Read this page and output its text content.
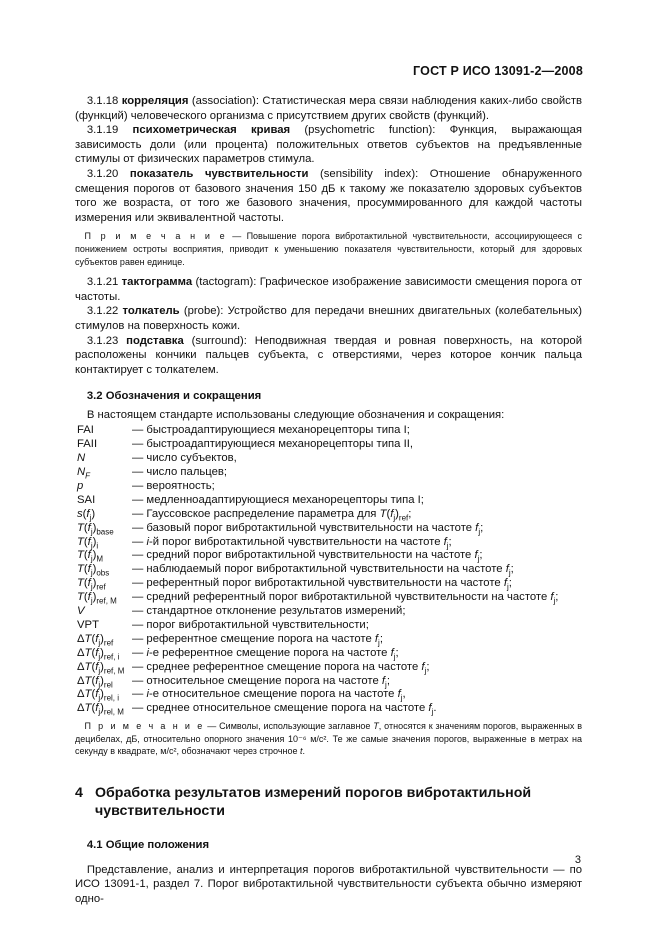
ГОСТ Р ИСО 13091-2—2008
3.1.18 корреляция (association): Статистическая мера связи наблюдения каких-либо свойств (функций) человеческого организма с присутствием других свойств (функций).
3.1.19 психометрическая кривая (psychometric function): Функция, выражающая зависимость доли (или процента) положительных ответов субъектов на предъявленные стимулы от физических параметров стимула.
3.1.20 показатель чувствительности (sensibility index): Отношение обнаруженного смещения порогов от базового значения 150 дБ к такому же показателю здоровых субъектов того же возраста, от того же базового значения, просуммированного для каждой частоты измерения или эквивалентной частоты.
П р и м е ч а н и е — Повышение порога вибротактильной чувствительности, ассоциирующееся с понижением остроты восприятия, приводит к уменьшению показателя чувствительности, который для здоровых субъектов равен единице.
3.1.21 тактограмма (tactogram): Графическое изображение зависимости смещения порога от частоты.
3.1.22 толкатель (probe): Устройство для передачи внешних двигательных (колебательных) стимулов на поверхность кожи.
3.1.23 подставка (surround): Неподвижная твердая и ровная поверхность, на которой расположены кончики пальцев субъекта, с отверстиями, через которое кончик пальца контактирует с толкателем.
3.2 Обозначения и сокращения
В настоящем стандарте использованы следующие обозначения и сокращения:
FAI	— быстроадаптирующиеся механорецепторы типа I;
FAII	— быстроадаптирующиеся механорецепторы типа II,
N	— число субъектов,
$N_F$	— число пальцев;
p	— вероятность;
SAI	— медленноадаптирующиеся механорецепторы типа I;
$s(f_j)$	— Гауссовское распределение параметра для $T(f_j)_{ref}$;
$T(f_j)_{base}$	— базовый порог вибротактильной чувствительности на частоте $f_j$;
$T(f_j)_i$	— i-й порог вибротактильной чувствительности на частоте $f_j$;
$T(f_j)_M$	— средний порог вибротактильной чувствительности на частоте $f_j$;
$T(f_j)_{obs}$	— наблюдаемый порог вибротактильной чувствительности на частоте $f_j$;
$T(f_j)_{ref}$	— референтный порог вибротактильной чувствительности на частоте $f_j$;
$T(f_j)_{ref, M}$	— средний референтный порог вибротактильной чувствительности на частоте $f_j$;
V	— стандартное отклонение результатов измерений;
VPT	— порог вибротактильной чувствительности;
$\Delta T(f_j)_{ref}$	— референтное смещение порога на частоте $f_j$;
$\Delta T(f_j)_{ref, i}$	— i-е референтное смещение порога на частоте $f_j$;
$\Delta T(f_j)_{ref, M}$ — среднее референтное смещение порога на частоте $f_j$;
$\Delta T(f_j)_{rel}$	— относительное смещение порога на частоте $f_j$;
$\Delta T(f_j)_{rel, i}$	— i-е относительное смещение порога на частоте $f_j$,
$\Delta T(f_j)_{rel, M}$ — среднее относительное смещение порога на частоте $f_j$.
П р и м е ч а н и е — Символы, использующие заглавное T, относятся к значениям порогов, выраженных в децибелах, дБ, относительно опорного значения 10⁻⁶ м/с². Те же самые значения порогов, выраженные в метрах на секунду в квадрате, м/с², обозначают через строчное t.
4 Обработка результатов измерений порогов вибротактильной чувствительности
4.1 Общие положения
Представление, анализ и интерпретация порогов вибротактильной чувствительности — по ИСО 13091-1, раздел 7. Порог вибротактильной чувствительности субъекта обычно измеряют одно-
3
